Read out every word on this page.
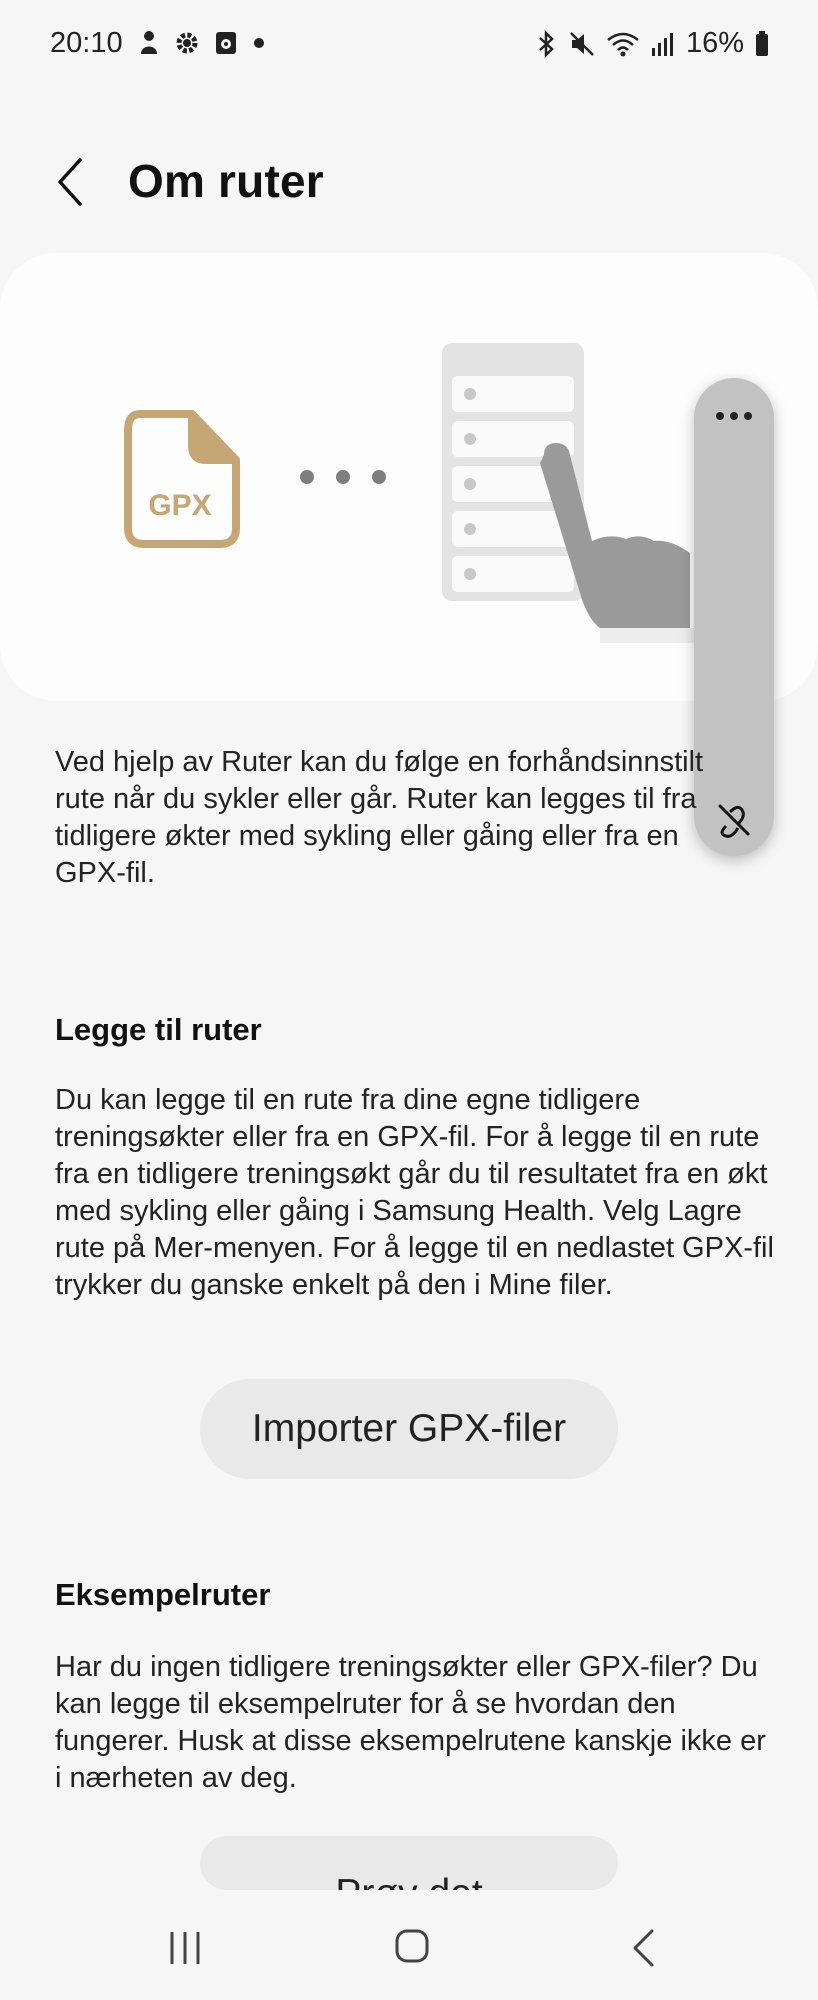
20:10	16%
Om ruter
GPX
Ved hjelp av Ruter kan du følge en forhåndsinnstilt
rute når du sykler eller går. Ruter kan legges til fra
tidligere økter med sykling eller gåing eller fra en
GPX-fil.
Legge til ruter
Du kan legge til en rute fra dine egne tidligere treningsøkter eller fra en GPX-fil. For å legge til en rute fra en tidligere treningsøkt går du til resultatet fra en økt med sykling eller gåing i Samsung Health. Velg Lagre rute på Mer-menyen. For å legge til en nedlastet GPX-fil trykker du ganske enkelt på den i Mine filer.
Importer GPX-filer
Eksempelruter
Har du ingen tidligere treningsøkter eller GPX-filer? Du kan legge til eksempelruter for å se hvordan den fungerer. Husk at disse eksempelrutene kanskje ikke er i nærheten av deg.
